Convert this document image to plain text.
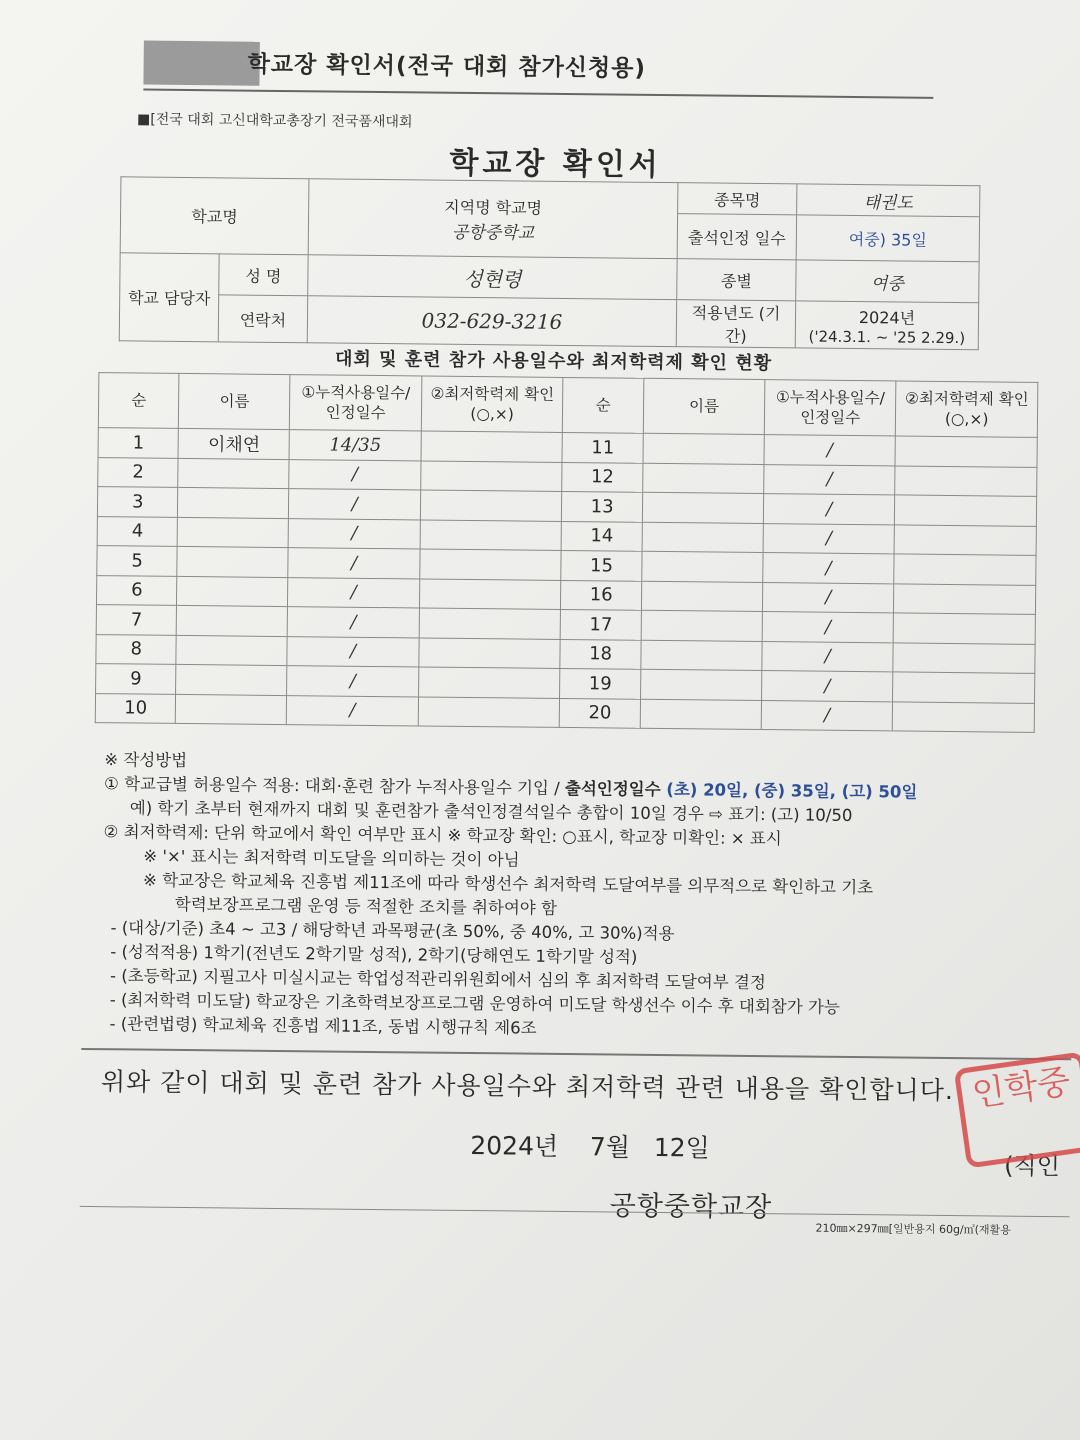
학교장 확인서(전국 대회 참가신청용)
■[전국 대회 고신대학교총장기 전국품새대회
학교장 확인서
학교명		지역명 학교명
공항중학교	종목명	태권도
			출석인정 일수	여중) 35일
학교 담당자	성 명	성현령	종별	여중
	연락처	032-629-3216	적용년도 (기간)	2024년
('24.3.1. ~ '25 2.29.)
대회 및 훈련 참가 사용일수와 최저학력제 확인 현황
순	이름	①누적사용일수/인정일수	②최저학력제 확인(○,×)	순	이름	①누적사용일수/인정일수	②최저학력제 확인(○,×)
1	이채연	14/35		11		/	
2		/		12		/	
3		/		13		/	
4		/		14		/	
5		/		15		/	
6		/		16		/	
7		/		17		/	
8		/		18		/	
9		/		19		/	
10		/		20		/	
※ 작성방법
① 학교급별 허용일수 적용: 대회·훈련 참가 누적사용일수 기입 / 출석인정일수 (초) 20일, (중) 35일, (고) 50일
예) 학기 초부터 현재까지 대회 및 훈련참가 출석인정결석일수 총합이 10일 경우 ⇨ 표기: (고) 10/50
② 최저학력제: 단위 학교에서 확인 여부만 표시 ※ 학교장 확인: ○표시, 학교장 미확인: × 표시
※ '×' 표시는 최저학력 미도달을 의미하는 것이 아님
※ 학교장은 학교체육 진흥법 제11조에 따라 학생선수 최저학력 도달여부를 의무적으로 확인하고 기초
학력보장프로그램 운영 등 적절한 조치를 취하여야 함
- (대상/기준) 초4 ~ 고3 / 해당학년 과목평균(초 50%, 중 40%, 고 30%)적용
- (성적적용) 1학기(전년도 2학기말 성적), 2학기(당해연도 1학기말 성적)
- (초등학교) 지필고사 미실시교는 학업성적관리위원회에서 심의 후 최저학력 도달여부 결정
- (최저학력 미도달) 학교장은 기초학력보장프로그램 운영하여 미도달 학생선수 이수 후 대회참가 가능
- (관련법령) 학교체육 진흥법 제11조, 동법 시행규칙 제6조
위와 같이 대회 및 훈련 참가 사용일수와 최저학력 관련 내용을 확인합니다.
2024년    7월   12일
공항중학교장
(직인
210㎜×297㎜[일반용지 60g/㎡(재활용
인학중
